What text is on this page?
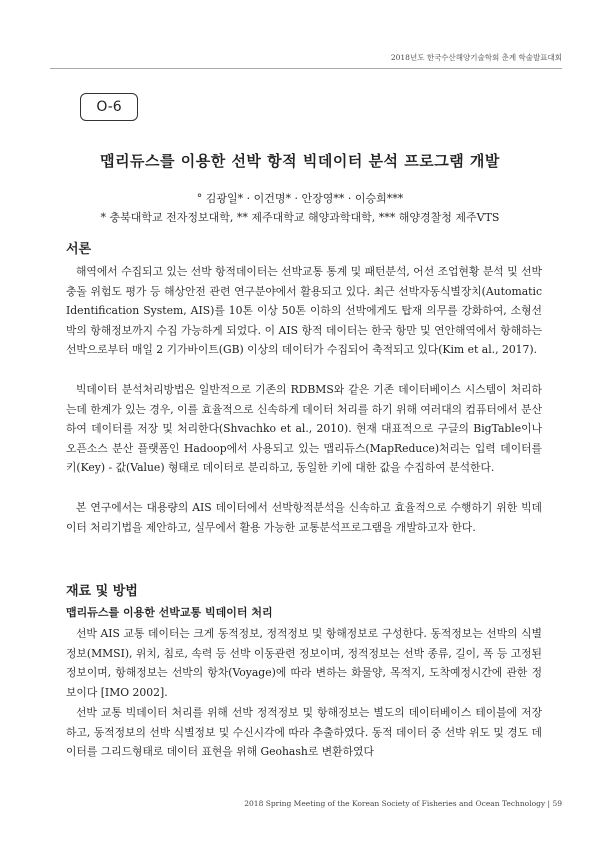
2018년도 한국수산해양기술학회 춘계 학술발표대회
O-6
맵리듀스를 이용한 선박 항적 빅데이터 분석 프로그램 개발
° 김광일* · 이건명* · 안장영** · 이승희***
* 충북대학교 전자정보대학, ** 제주대학교 해양과학대학, *** 해양경찰청 제주VTS
서론

해역에서 수집되고 있는 선박 항적데이터는 선박교통 통계 및 패턴분석, 어선 조업현황 분석 및 선박충돌 위험도 평가 등 해상안전 관련 연구분야에서 활용되고 있다. 최근 선박자동식별장치(Automatic Identification System, AIS)를 10톤 이상 50톤 이하의 선박에게도 탑재 의무를 강화하여, 소형선박의 항해정보까지 수집 가능하게 되었다. 이 AIS 항적 데이터는 한국 항만 및 연안해역에서 항해하는 선박으로부터 매일 2 기가바이트(GB) 이상의 데이터가 수집되어 축적되고 있다(Kim et al., 2017).

빅데이터 분석처리방법은 일반적으로 기존의 RDBMS와 같은 기존 데이터베이스 시스템이 처리하는데 한계가 있는 경우, 이를 효율적으로 신속하게 데이터 처리를 하기 위해 여러대의 컴퓨터에서 분산하여 데이터를 저장 및 처리한다(Shvachko et al., 2010). 현재 대표적으로 구글의 BigTable이나 오픈소스 분산 플랫폼인 Hadoop에서 사용되고 있는 맵리듀스(MapReduce)처리는 입력 데이터를 키(Key) - 값(Value) 형태로 데이터로 분리하고, 동일한 키에 대한 값을 수집하여 분석한다.

본 연구에서는 대용량의 AIS 데이터에서 선박항적분석을 신속하고 효율적으로 수행하기 위한 빅데이터 처리기법을 제안하고, 실무에서 활용 가능한 교통분석프로그램을 개발하고자 한다.

재료 및 방법
맵리듀스를 이용한 선박교통 빅데이터 처리

선박 AIS 교통 데이터는 크게 동적정보, 정적정보 및 항해정보로 구성한다. 동적정보는 선박의 식별정보(MMSI), 위치, 침로, 속력 등 선박 이동관련 정보이며, 정적정보는 선박 종류, 길이, 폭 등 고정된 정보이며, 항해정보는 선박의 항차(Voyage)에 따라 변하는 화물양, 목적지, 도착예정시간에 관한 정보이다 [IMO 2002].

선박 교통 빅데이터 처리를 위해 선박 정적정보 및 항해정보는 별도의 데이터베이스 테이블에 저장하고, 동적정보의 선박 식별정보 및 수신시각에 따라 추출하였다. 동적 데이터 중 선박 위도 및 경도 데이터를 그리드형태로 데이터 표현을 위해 Geohash로 변환하였다

2018 Spring Meeting of the Korean Society of Fisheries and Ocean Technology | 59
